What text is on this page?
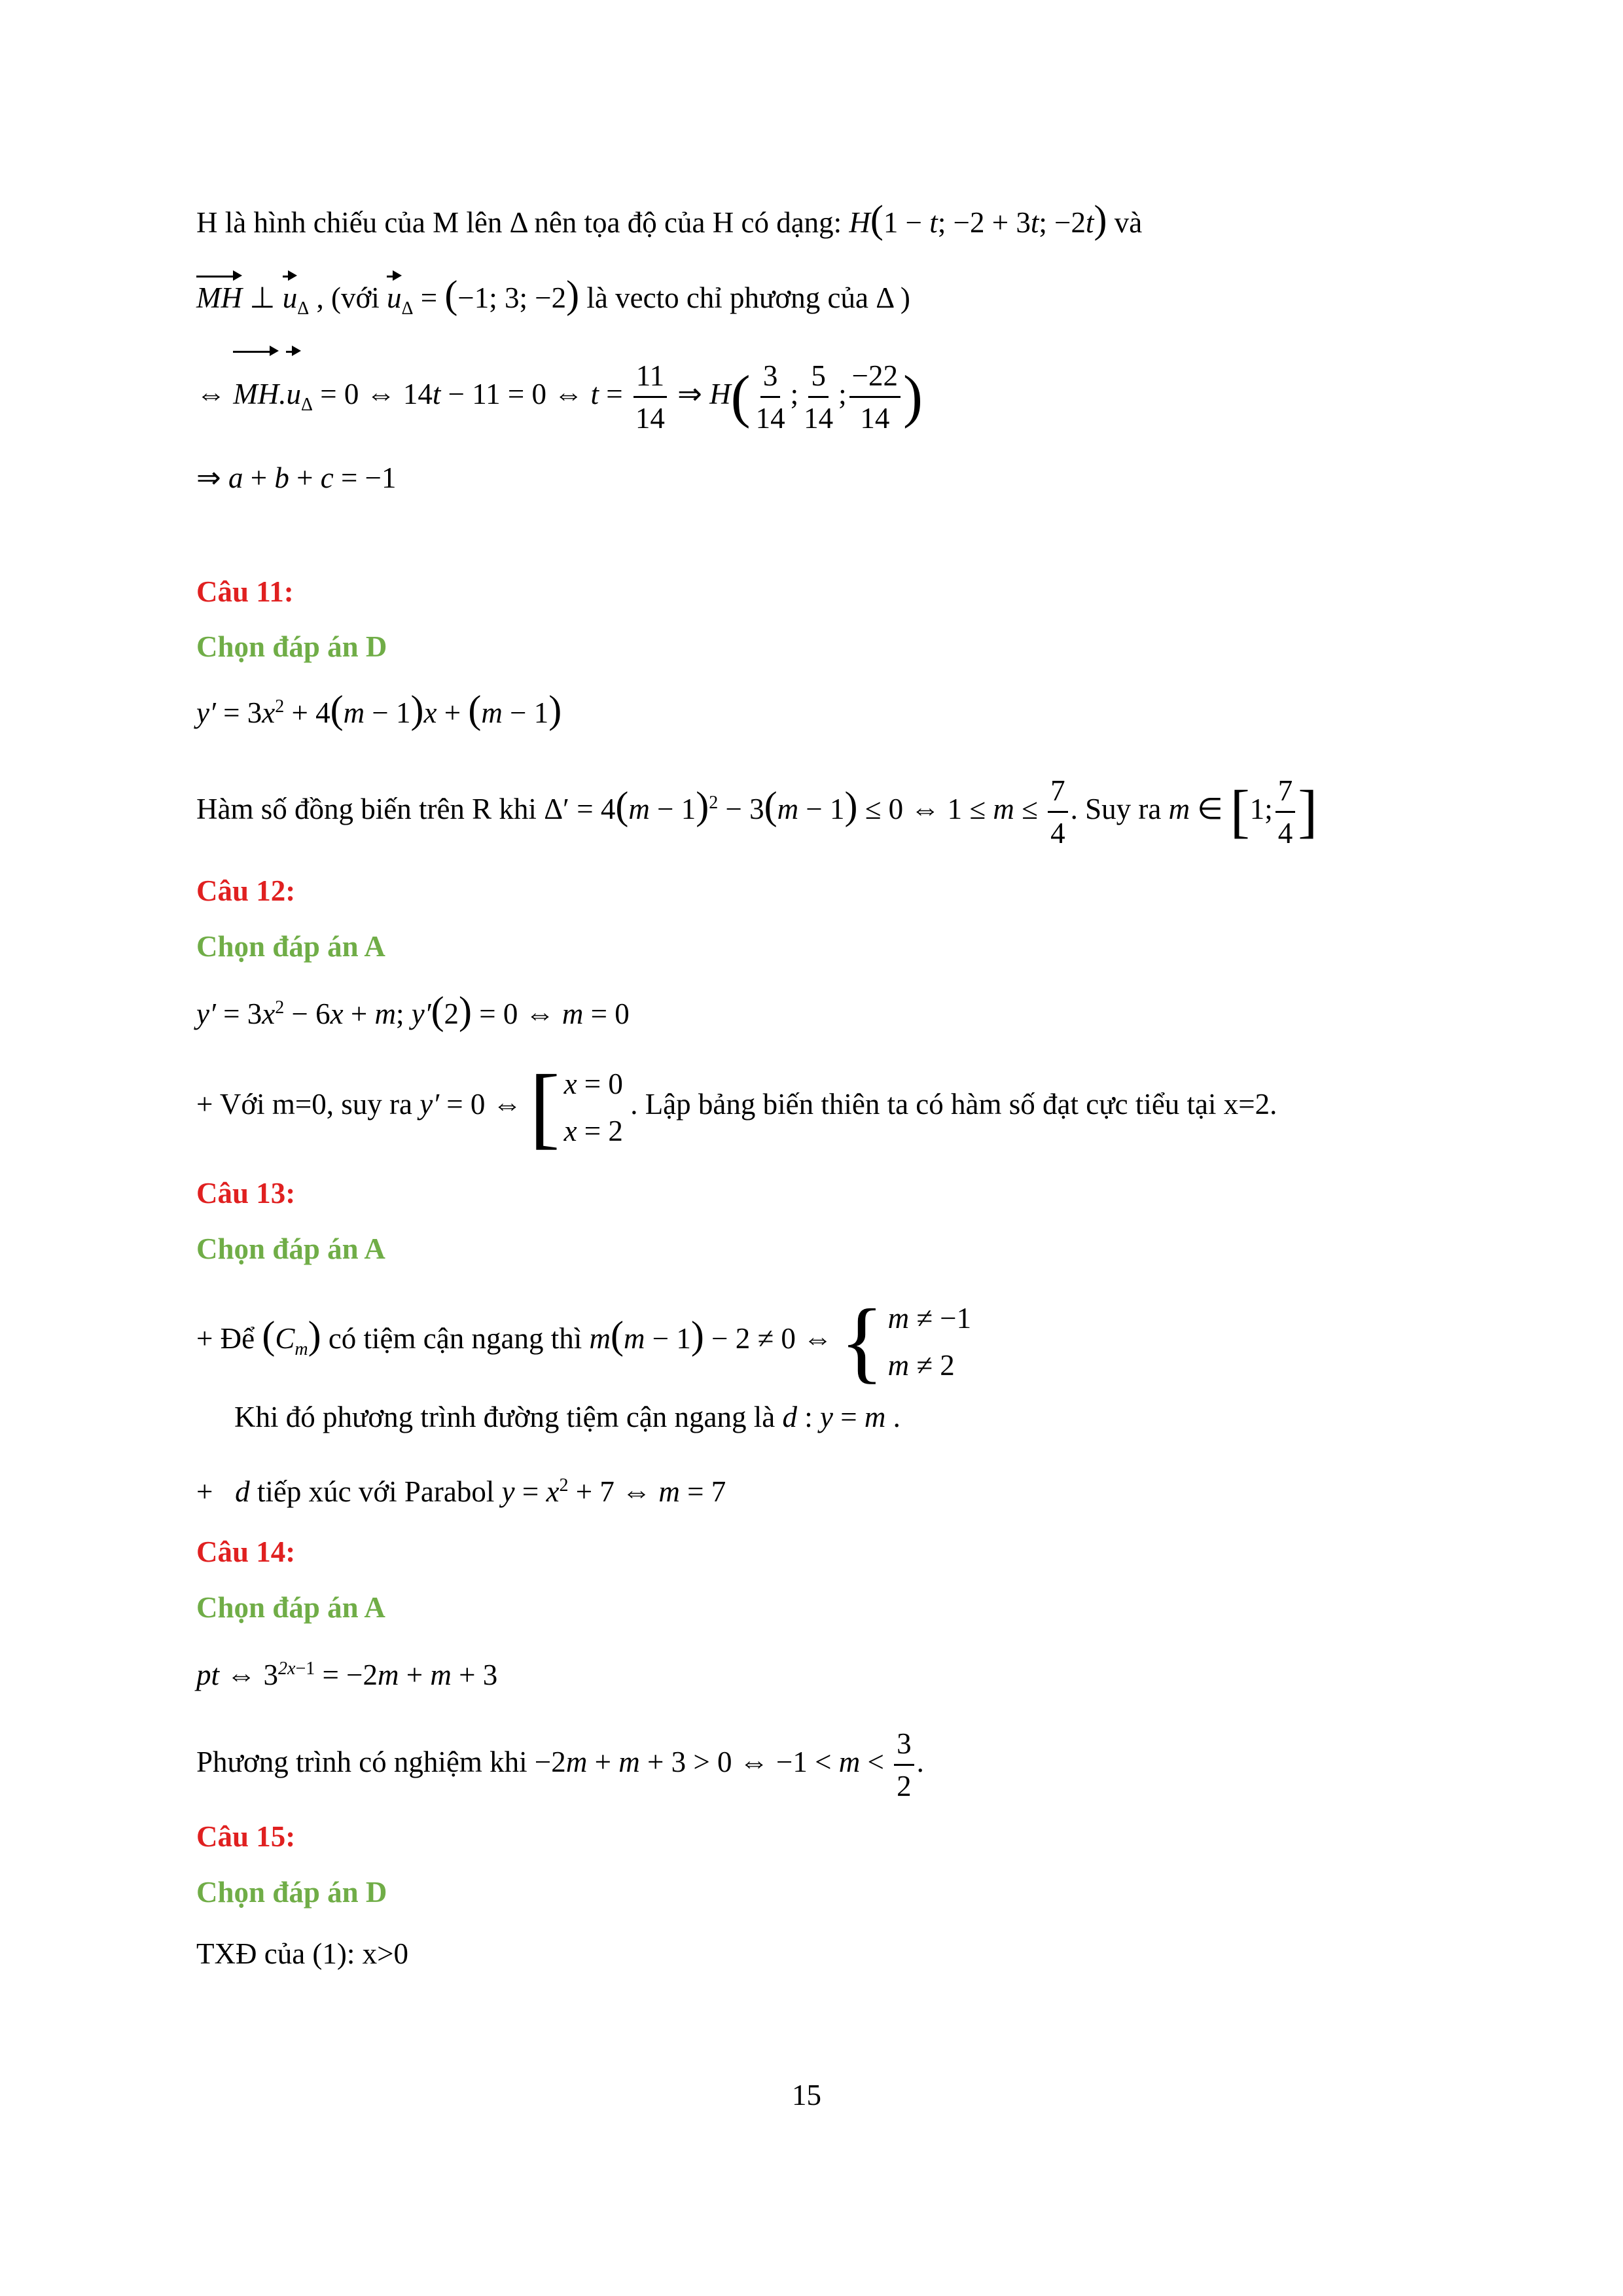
H là hình chiếu của M lên Δ nên tọa độ của H có dạng: H(1 − t; −2 + 3t; −2t) và
MH ⊥ $u_\Delta$ , (với $u_\Delta = (-1$; 3; −2) là vecto chỉ phương của Δ )
⇔ $MH.u_\Delta = 0$ ⇔ 14t − 11 = 0 ⇔ $t = \frac{11}{14}$ ⇒ $H( \frac{3}{14}$ ; $\frac{5}{14}$ ; $\frac{-22}{14}$ )
⇒ a + b + c = −1
Câu 11:
Chọn đáp án D
$y' = 3x^2 + 4(m - 1)x + (m - 1)$
Hàm số đồng biến trên R khi $\Delta' = 4(m - 1)^2 - 3(m - 1) \le 0$ ⇔ $1 \le m \le \frac{7}{4}$ . Suy ra m ∈ [1; $\frac{7}{4}$ ]
Câu 12:
Chọn đáp án A
$y' = 3x^2 - 6x + m$; y′(2) = 0 ⇔ m = 0
+ Với m=0, suy ra y′ = 0 ⇔ [ x = 0
x = 2
. Lập bảng biến thiên ta có hàm số đạt cực tiểu tại x=2.
Câu 13:
Chọn đáp án A
+ Để $(C_m)$ có tiệm cận ngang thì m(m − 1) − 2 ≠ 0 ⇔ { m ≠ −1
m ≠ 2
Khi đó phương trình đường tiệm cận ngang là d : y = m .
+   d tiếp xúc với Parabol $y = x^2 + 7$ ⇔ m = 7
Câu 14:
Chọn đáp án A
pt ⇔ $3^{2x-1} = -2m + m + 3$
Phương trình có nghiệm khi −2m + m + 3 > 0 ⇔ $-1 < m < \frac{3}{2}$ .
Câu 15:
Chọn đáp án D
TXĐ của (1): x>0
15
